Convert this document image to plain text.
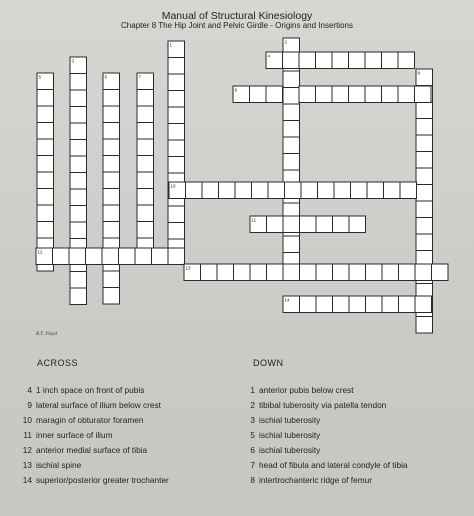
Manual of Structural Kinesiology
Chapter 8 The Hip Joint and Pelvic Girdle - Origins and Insertions
1
2
3
4
5	6	7
8
9
10
11
12
13
14
R.T. Floyd
ACROSS	DOWN
4 1 inch space on front of pubis
9 lateral surface of ilium below crest
10 maragin of obturator foramen
11 inner surface of ilium
12 anterior medial surface of tibia
13 ischial spine
14 superior/posterior greater trochanter
1 anterior pubis below crest
2 tibibal tuberosity via patella tendon
3 ischial tuberosity
5 ischial tuberosity
6 ischial tuberosity
7 head of fibula and lateral condyle of tibia
8 intertrochanteric ridge of femur
